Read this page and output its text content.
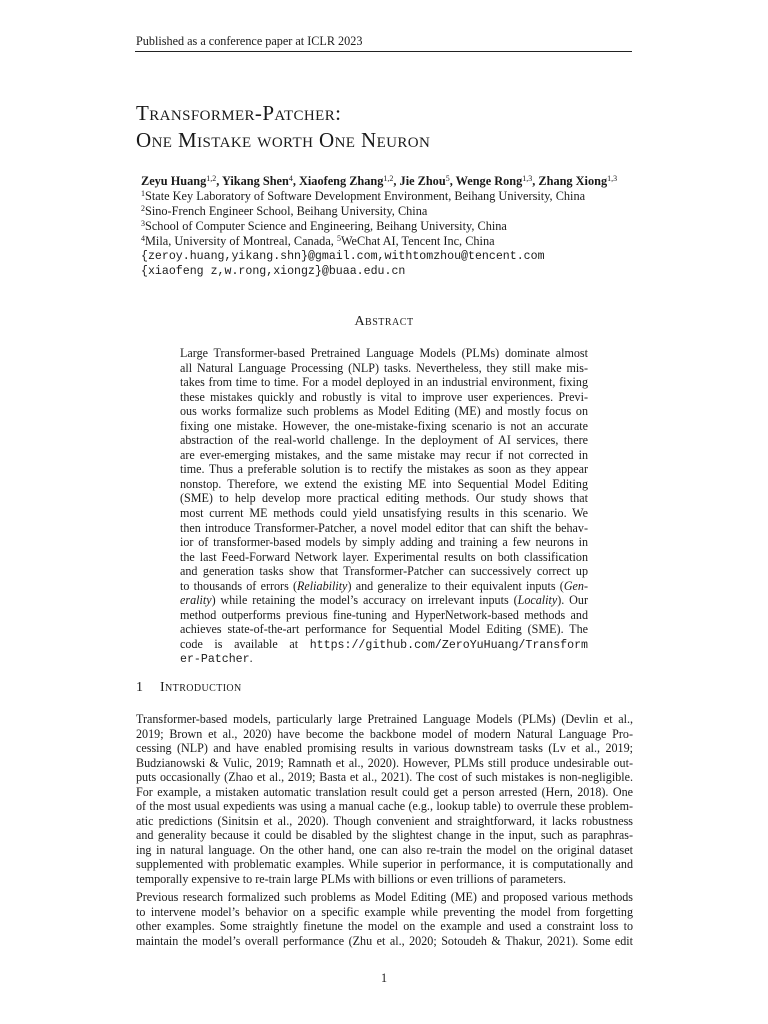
Published as a conference paper at ICLR 2023
Transformer-Patcher:
One Mistake worth One Neuron
Zeyu Huang$^{1,2}$, Yikang Shen$^4$, Xiaofeng Zhang$^{1,2}$, Jie Zhou$^5$, Wenge Rong$^{1,3}$, Zhang Xiong$^{1,3}$
$^1$State Key Laboratory of Software Development Environment, Beihang University, China
$^2$Sino-French Engineer School, Beihang University, China
$^3$School of Computer Science and Engineering, Beihang University, China
$^4$Mila, University of Montreal, Canada, $^5$WeChat AI, Tencent Inc, China
{zeroy.huang,yikang.shn}@gmail.com,withtomzhou@tencent.com
{xiaofeng z,w.rong,xiongz}@buaa.edu.cn
Abstract
Large Transformer-based Pretrained Language Models (PLMs) dominate almost
all Natural Language Processing (NLP) tasks. Nevertheless, they still make mis-
takes from time to time. For a model deployed in an industrial environment, fixing
these mistakes quickly and robustly is vital to improve user experiences. Previ-
ous works formalize such problems as Model Editing (ME) and mostly focus on
fixing one mistake. However, the one-mistake-fixing scenario is not an accurate
abstraction of the real-world challenge. In the deployment of AI services, there
are ever-emerging mistakes, and the same mistake may recur if not corrected in
time. Thus a preferable solution is to rectify the mistakes as soon as they appear
nonstop. Therefore, we extend the existing ME into Sequential Model Editing
(SME) to help develop more practical editing methods. Our study shows that
most current ME methods could yield unsatisfying results in this scenario. We
then introduce Transformer-Patcher, a novel model editor that can shift the behav-
ior of transformer-based models by simply adding and training a few neurons in
the last Feed-Forward Network layer. Experimental results on both classification
and generation tasks show that Transformer-Patcher can successively correct up
to thousands of errors (Reliability) and generalize to their equivalent inputs (Gen-
erality) while retaining the model’s accuracy on irrelevant inputs (Locality). Our
method outperforms previous fine-tuning and HyperNetwork-based methods and
achieves state-of-the-art performance for Sequential Model Editing (SME). The
code is available at https://github.com/ZeroYuHuang/Transform
er-Patcher.
1 Introduction
Transformer-based models, particularly large Pretrained Language Models (PLMs) (Devlin et al.,
2019; Brown et al., 2020) have become the backbone model of modern Natural Language Pro-
cessing (NLP) and have enabled promising results in various downstream tasks (Lv et al., 2019;
Budzianowski & Vulic, 2019; Ramnath et al., 2020). However, PLMs still produce undesirable out-
puts occasionally (Zhao et al., 2019; Basta et al., 2021). The cost of such mistakes is non-negligible.
For example, a mistaken automatic translation result could get a person arrested (Hern, 2018). One
of the most usual expedients was using a manual cache (e.g., lookup table) to overrule these problem-
atic predictions (Sinitsin et al., 2020). Though convenient and straightforward, it lacks robustness
and generality because it could be disabled by the slightest change in the input, such as paraphras-
ing in natural language. On the other hand, one can also re-train the model on the original dataset
supplemented with problematic examples. While superior in performance, it is computationally and
temporally expensive to re-train large PLMs with billions or even trillions of parameters.
Previous research formalized such problems as Model Editing (ME) and proposed various methods
to intervene model’s behavior on a specific example while preventing the model from forgetting
other examples. Some straightly finetune the model on the example and used a constraint loss to
maintain the model’s overall performance (Zhu et al., 2020; Sotoudeh & Thakur, 2021). Some edit
1
